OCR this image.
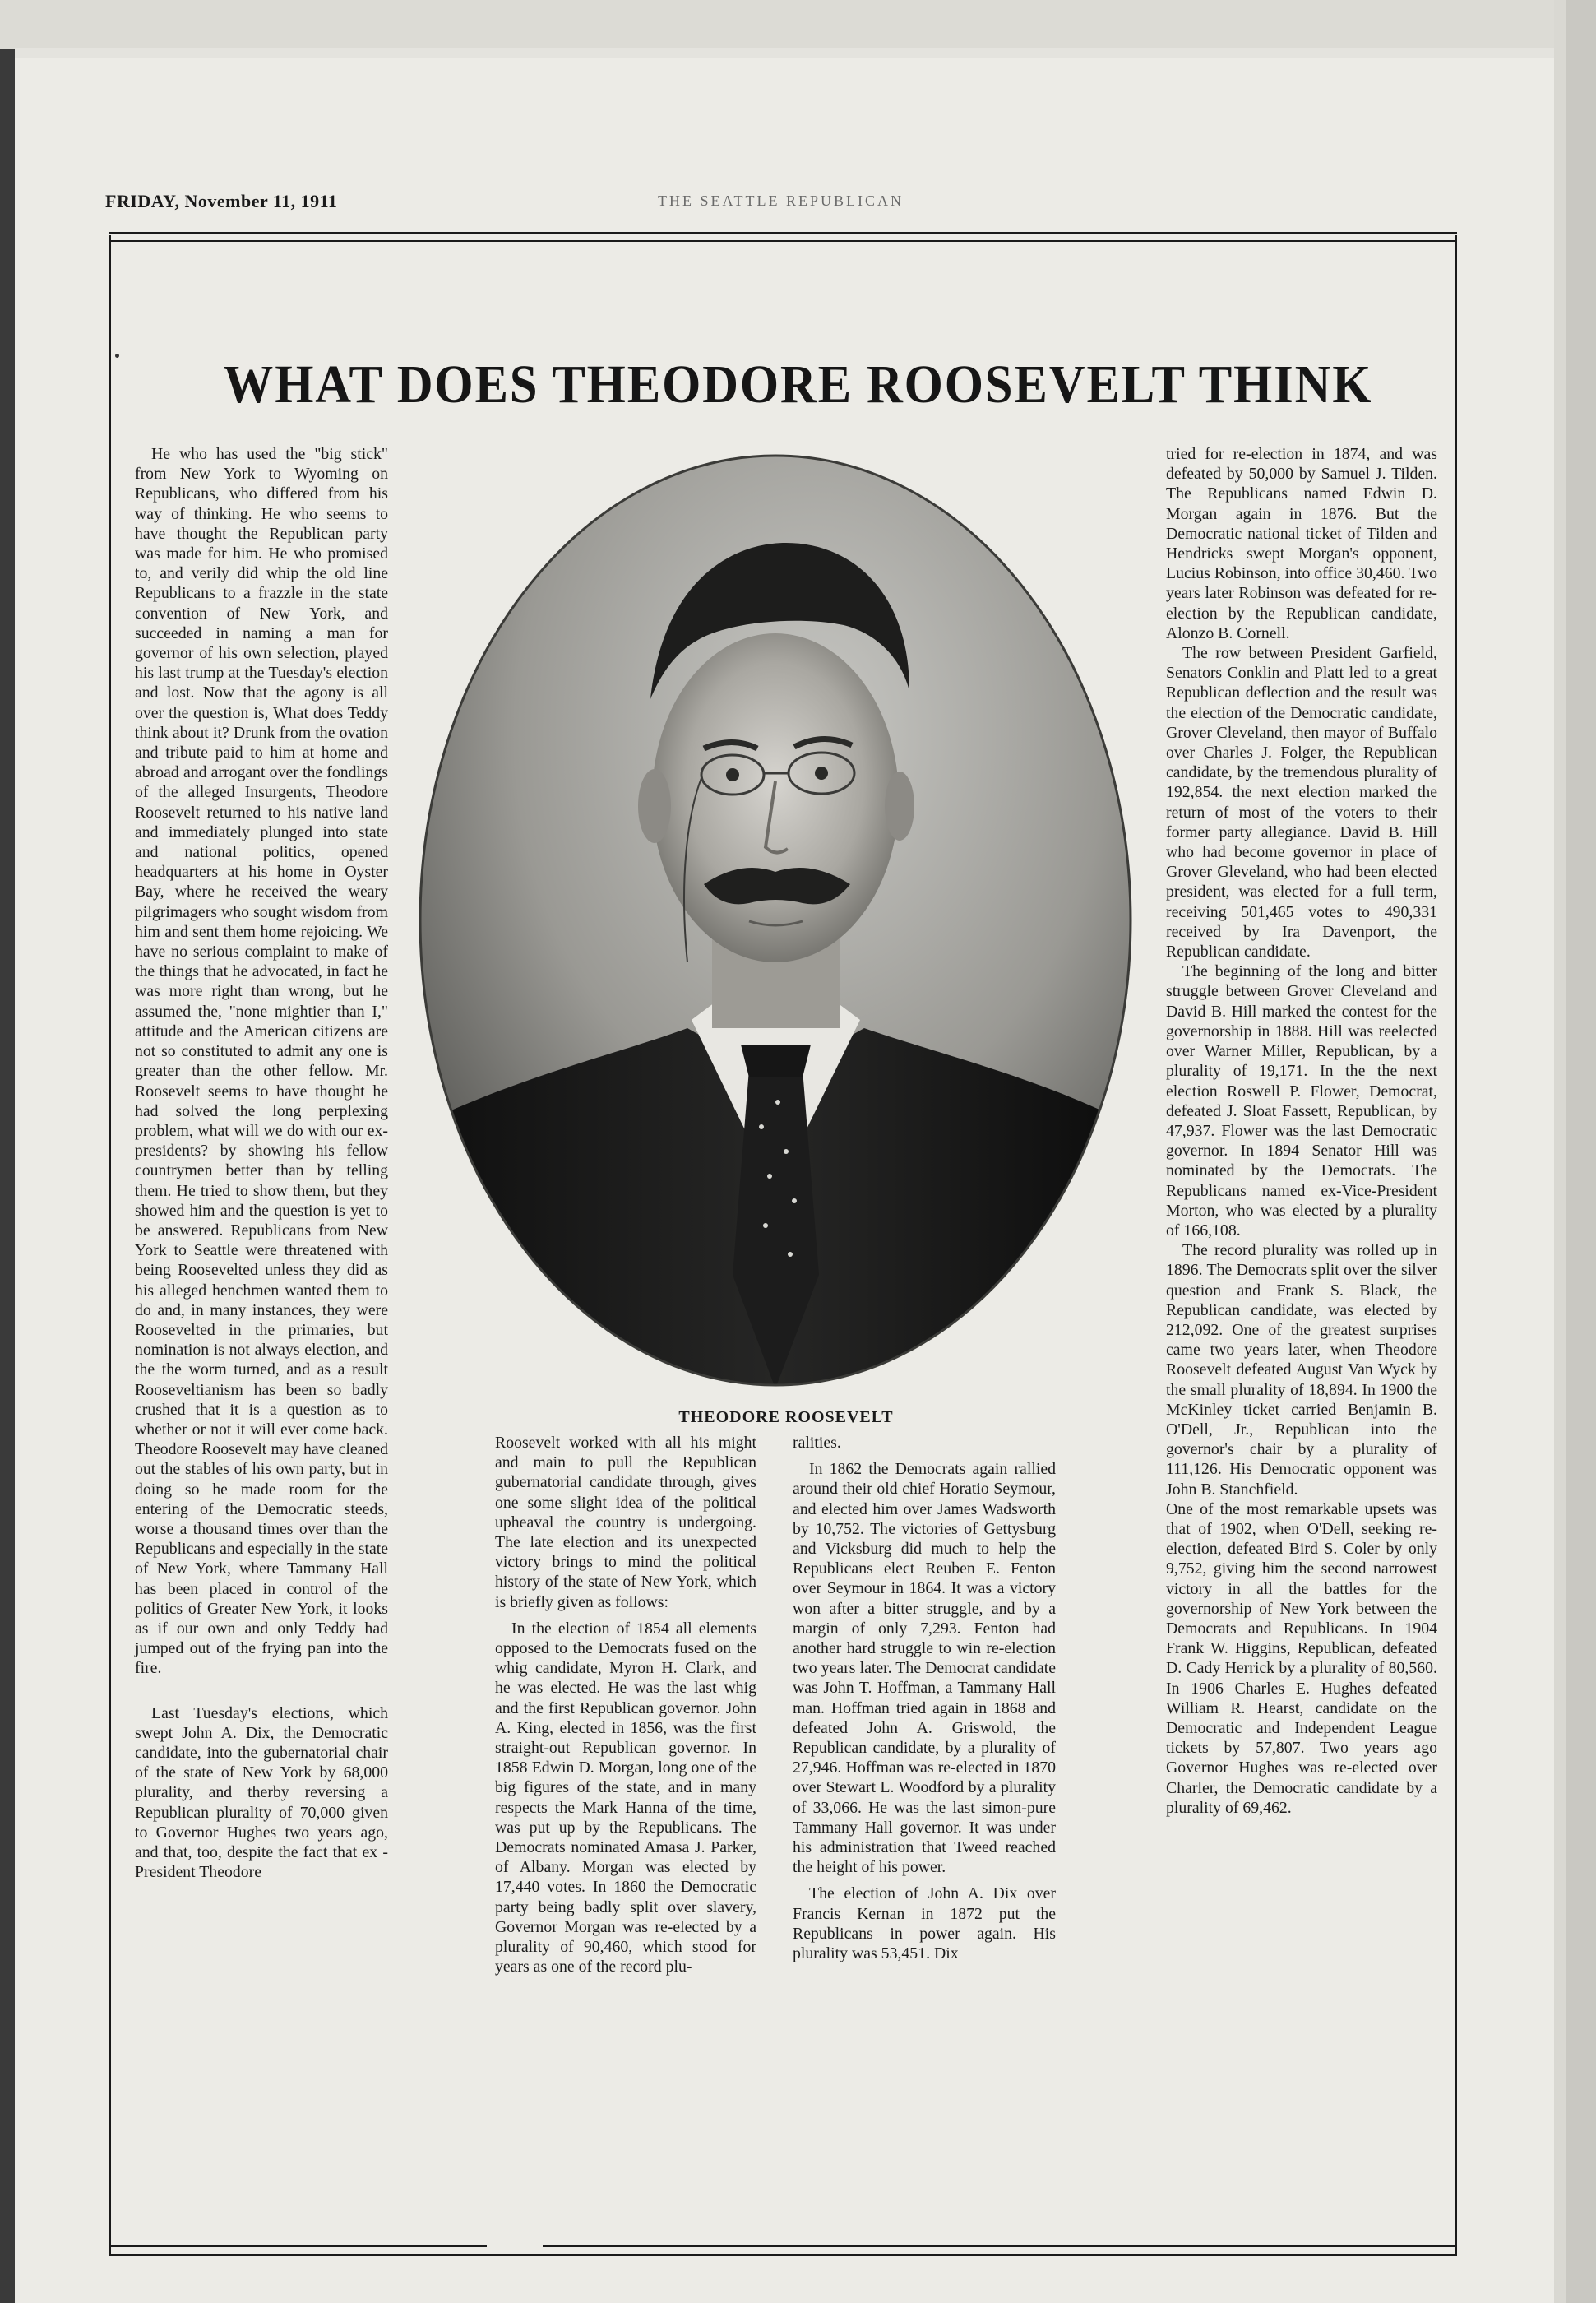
FRIDAY, November 11, 1911	THE SEATTLE REPUBLICAN
WHAT DOES THEODORE ROOSEVELT THINK

He who has used the "big stick" from New York to Wyoming on Republicans, who differed from his way of thinking. He who seems to have thought the Republican party was made for him. He who promised to, and verily did whip the old line Republicans to a frazzle in the state convention of New York, and succeeded in naming a man for governor of his own selection, played his last trump at the Tuesday's election and lost. Now that the agony is all over the question is, What does Teddy think about it? Drunk from the ovation and tribute paid to him at home and abroad and arrogant over the fondlings of the alleged Insurgents, Theodore Roosevelt returned to his native land and immediately plunged into state and national politics, opened headquarters at his home in Oyster Bay, where he received the weary pilgrimagers who sought wisdom from him and sent them home rejoicing. We have no serious complaint to make of the things that he advocated, in fact he was more right than wrong, but he assumed the, "none mightier than I," attitude and the American citizens are not so constituted to admit any one is greater than the other fellow. Mr. Roosevelt seems to have thought he had solved the long perplexing problem, what will we do with our ex-presidents? by showing his fellow countrymen better than by telling them. He tried to show them, but they showed him and the question is yet to be answered. Republicans from New York to Seattle were threatened with being Roosevelted unless they did as his alleged henchmen wanted them to do and, in many instances, they were Roosevelted in the primaries, but nomination is not always election, and the the worm turned, and as a result Rooseveltianism has been so badly crushed that it is a question as to whether or not it will ever come back. Theodore Roosevelt may have cleaned out the stables of his own party, but in doing so he made room for the entering of the Democratic steeds, worse a thousand times over than the Republicans and especially in the state of New York, where Tammany Hall has been placed in control of the politics of Greater New York, it looks as if our own and only Teddy had jumped out of the frying pan into the fire.

Last Tuesday's elections, which swept John A. Dix, the Democratic candidate, into the gubernatorial chair of the state of New York by 68,000 plurality, and therby reversing a Republican plurality of 70,000 given to Governor Hughes two years ago, and that, too, despite the fact that ex - President Theodore

THEODORE ROOSEVELT

Roosevelt worked with all his might and main to pull the Republican gubernatorial candidate through, gives one some slight idea of the political upheaval the country is undergoing. The late election and its unexpected victory brings to mind the political history of the state of New York, which is briefly given as follows:

In the election of 1854 all elements opposed to the Democrats fused on the whig candidate, Myron H. Clark, and he was elected. He was the last whig and the first Republican governor. John A. King, elected in 1856, was the first straight-out Republican governor. In 1858 Edwin D. Morgan, long one of the big figures of the state, and in many respects the Mark Hanna of the time, was put up by the Republicans. The Democrats nominated Amasa J. Parker, of Albany. Morgan was elected by 17,440 votes. In 1860 the Democratic party being badly split over slavery, Governor Morgan was re-elected by a plurality of 90,460, which stood for years as one of the record plu-

ralities.

In 1862 the Democrats again rallied around their old chief Horatio Seymour, and elected him over James Wadsworth by 10,752. The victories of Gettysburg and Vicksburg did much to help the Republicans elect Reuben E. Fenton over Seymour in 1864. It was a victory won after a bitter struggle, and by a margin of only 7,293. Fenton had another hard struggle to win re-election two years later. The Democrat candidate was John T. Hoffman, a Tammany Hall man. Hoffman tried again in 1868 and defeated John A. Griswold, the Republican candidate, by a plurality of 27,946. Hoffman was re-elected in 1870 over Stewart L. Woodford by a plurality of 33,066. He was the last simon-pure Tammany Hall governor. It was under his administration that Tweed reached the height of his power.

The election of John A. Dix over Francis Kernan in 1872 put the Republicans in power again. His plurality was 53,451. Dix

tried for re-election in 1874, and was defeated by 50,000 by Samuel J. Tilden. The Republicans named Edwin D. Morgan again in 1876. But the Democratic national ticket of Tilden and Hendricks swept Morgan's opponent, Lucius Robinson, into office 30,460. Two years later Robinson was defeated for re-election by the Republican candidate, Alonzo B. Cornell.

The row between President Garfield, Senators Conklin and Platt led to a great Republican deflection and the result was the election of the Democratic candidate, Grover Cleveland, then mayor of Buffalo over Charles J. Folger, the Republican candidate, by the tremendous plurality of 192,854. the next election marked the return of most of the voters to their former party allegiance. David B. Hill who had become governor in place of Grover Gleveland, who had been elected president, was elected for a full term, receiving 501,465 votes to 490,331 received by Ira Davenport, the Republican candidate.

The beginning of the long and bitter struggle between Grover Cleveland and David B. Hill marked the contest for the governorship in 1888. Hill was reelected over Warner Miller, Republican, by a plurality of 19,171. In the the next election Roswell P. Flower, Democrat, defeated J. Sloat Fassett, Republican, by 47,937. Flower was the last Democratic governor. In 1894 Senator Hill was nominated by the Democrats. The Republicans named ex-Vice-President Morton, who was elected by a plurality of 166,108.

The record plurality was rolled up in 1896. The Democrats split over the silver question and Frank S. Black, the Republican candidate, was elected by 212,092. One of the greatest surprises came two years later, when Theodore Roosevelt defeated August Van Wyck by the small plurality of 18,894. In 1900 the McKinley ticket carried Benjamin B. O'Dell, Jr., Republican into the governor's chair by a plurality of 111,126. His Democratic opponent was John B. Stanchfield.

One of the most remarkable upsets was that of 1902, when O'Dell, seeking re-election, defeated Bird S. Coler by only 9,752, giving him the second narrowest victory in all the battles for the governorship of New York between the Democrats and Republicans. In 1904 Frank W. Higgins, Republican, defeated D. Cady Herrick by a plurality of 80,560. In 1906 Charles E. Hughes defeated William R. Hearst, candidate on the Democratic and Independent League tickets by 57,807. Two years ago Governor Hughes was re-elected over Charler, the Democratic candidate by a plurality of 69,462.
